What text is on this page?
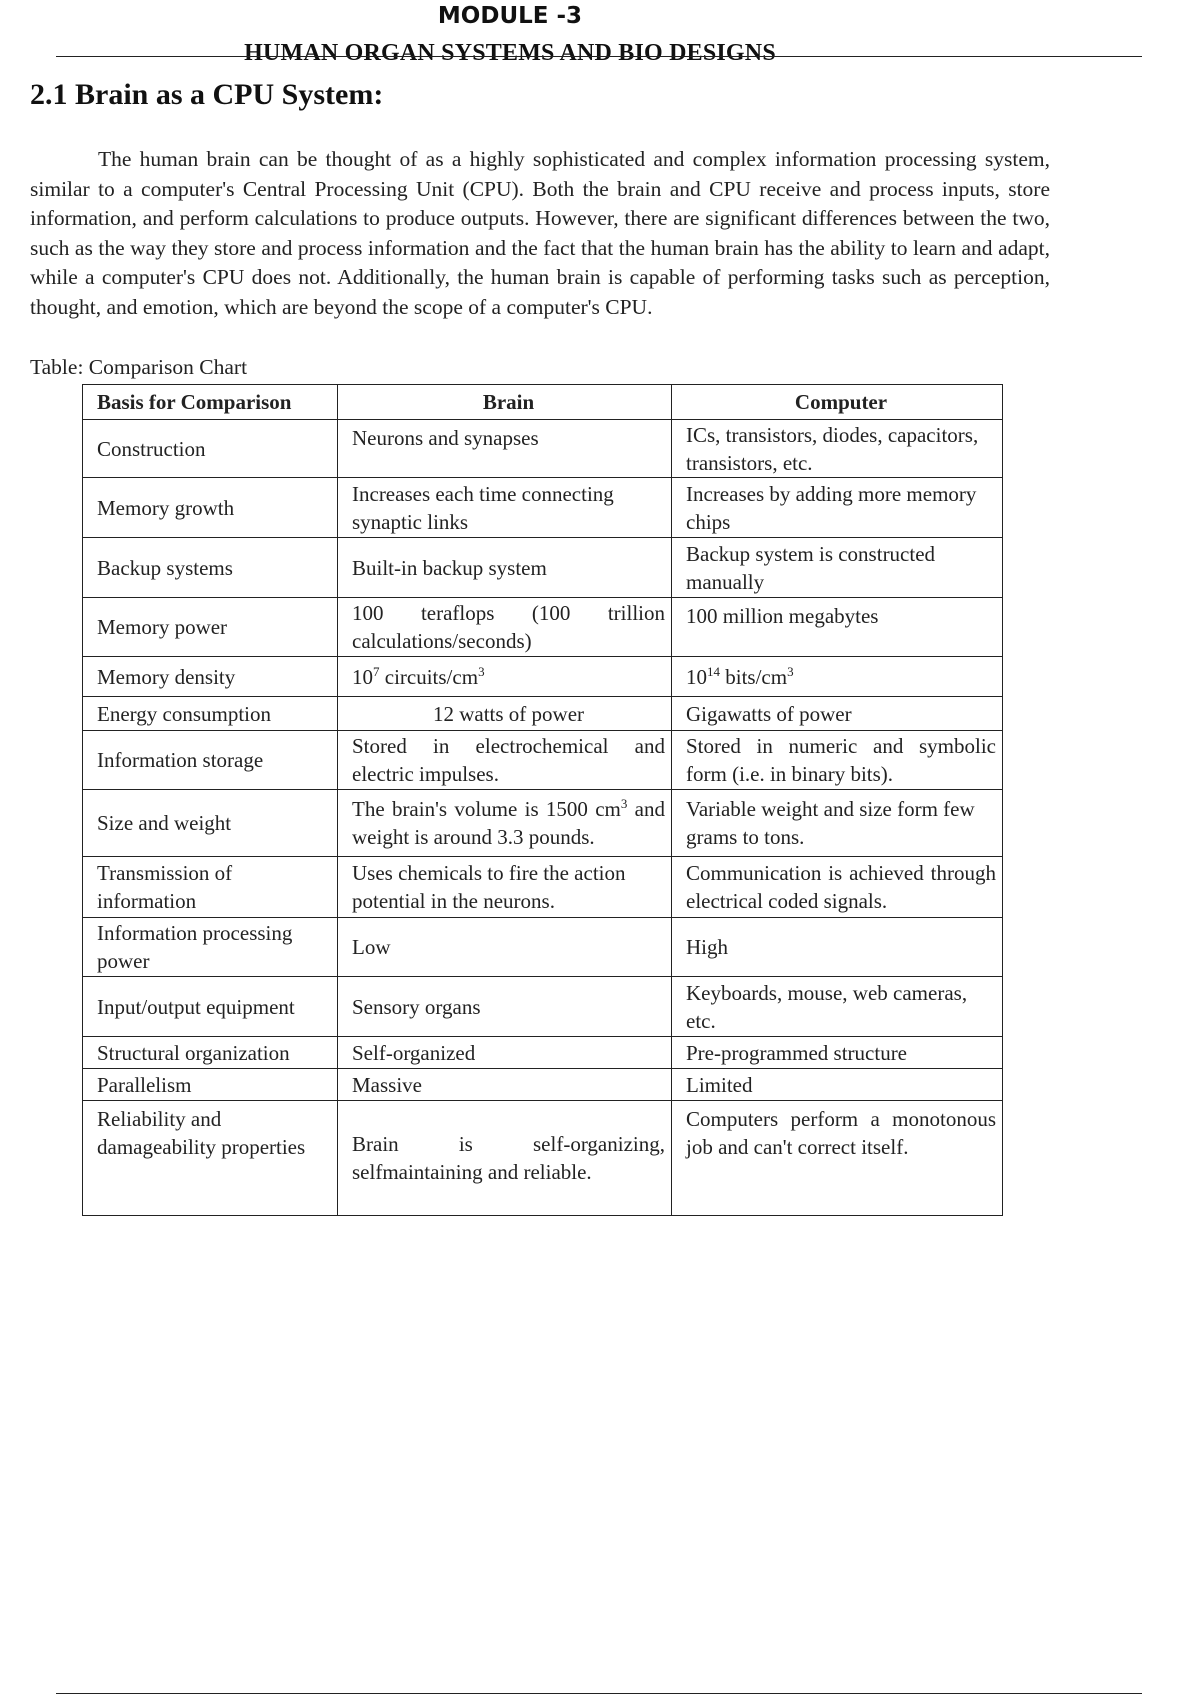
MODULE -3
HUMAN ORGAN SYSTEMS AND BIO DESIGNS
2.1 Brain as a CPU System:

The human brain can be thought of as a highly sophisticated and complex information processing system, similar to a computer's Central Processing Unit (CPU). Both the brain and CPU receive and process inputs, store information, and perform calculations to produce outputs. However, there are significant differences between the two, such as the way they store and process information and the fact that the human brain has the ability to learn and adapt, while a computer's CPU does not. Additionally, the human brain is capable of performing tasks such as perception, thought, and emotion, which are beyond the scope of a computer's CPU.

Table: Comparison Chart
Basis for Comparison	Brain	Computer
Construction	Neurons and synapses	ICs, transistors, diodes, capacitors, transistors, etc.
Memory growth	Increases each time connecting synaptic links	Increases by adding more memory chips
Backup systems	Built-in backup system	Backup system is constructed manually
Memory power	100 teraflops (100 trillion calculations/seconds)	100 million megabytes
Memory density	$10^7$ circuits/$cm^3$	$10^{14}$ bits/$cm^3$
Energy consumption	12 watts of power	Gigawatts of power
Information storage	Stored in electrochemical and electric impulses.	Stored in numeric and symbolic form (i.e. in binary bits).
Size and weight	The brain's volume is 1500 $cm^3$ and weight is around 3.3 pounds.	Variable weight and size form few grams to tons.
Transmission of information	Uses chemicals to fire the action potential in the neurons.	Communication is achieved through electrical coded signals.
Information processing power	Low	High
Input/output equipment	Sensory organs	Keyboards, mouse, web cameras, etc.
Structural organization	Self-organized	Pre-programmed structure
Parallelism	Massive	Limited
Reliability and damageability properties	Brain is self-organizing, selfmaintaining and reliable.	Computers perform a monotonous job and can't correct itself.
